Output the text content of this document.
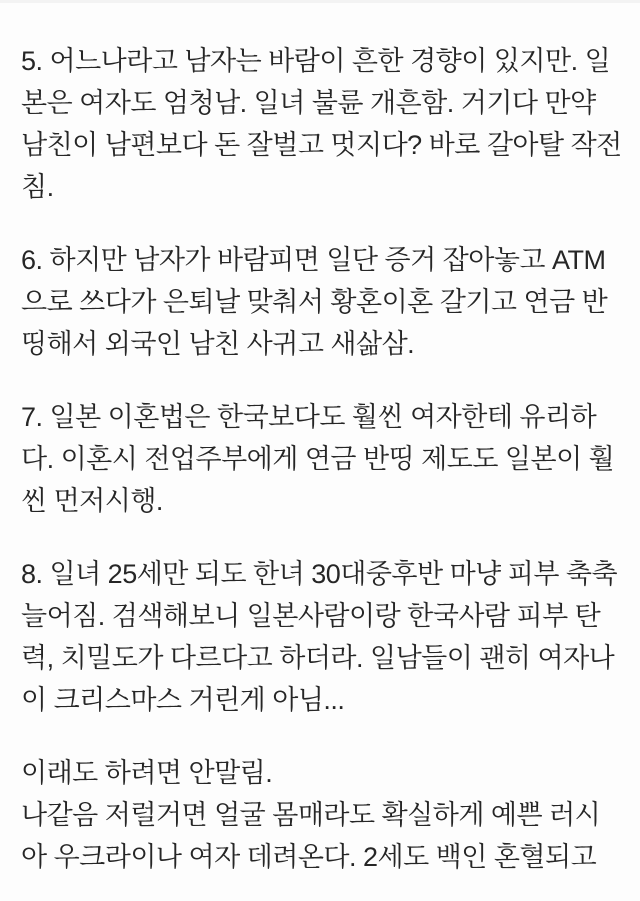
5. 어느나라고 남자는 바람이 흔한 경향이 있지만. 일본은 여자도 엄청남. 일녀 불륜 개흔함. 거기다 만약 남친이 남편보다 돈 잘벌고 멋지다? 바로 갈아탈 작전침.

6. 하지만 남자가 바람피면 일단 증거 잡아놓고 ATM으로 쓰다가 은퇴날 맞춰서 황혼이혼 갈기고 연금 반띵해서 외국인 남친 사귀고 새삶삼.

7. 일본 이혼법은 한국보다도 훨씬 여자한테 유리하다. 이혼시 전업주부에게 연금 반띵 제도도 일본이 훨씬 먼저시행.

8. 일녀 25세만 되도 한녀 30대중후반 마냥 피부 축축 늘어짐. 검색해보니 일본사람이랑 한국사람 피부 탄력, 치밀도가 다르다고 하더라. 일남들이 괜히 여자나이 크리스마스 거린게 아님...

이래도 하려면 안말림.
나같음 저럴거면 얼굴 몸매라도 확실하게 예쁜 러시아 우크라이나 여자 데려온다. 2세도 백인 혼혈되고
